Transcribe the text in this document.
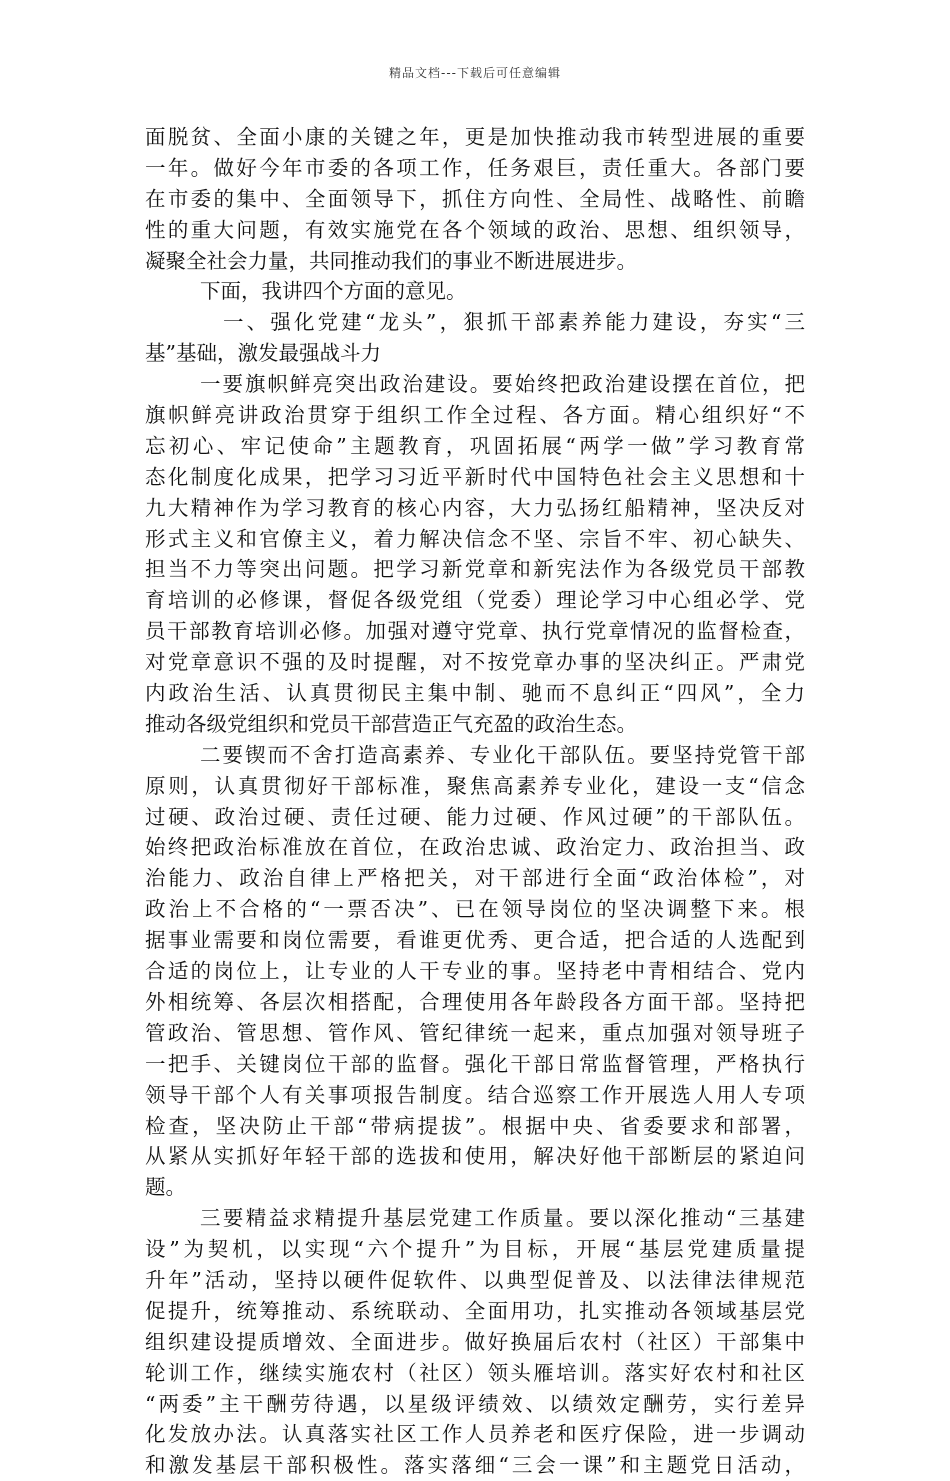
精品文档---下载后可任意编辑
面脱贫、全面小康的关键之年，更是加快推动我市转型进展的重要
一年。做好今年市委的各项工作，任务艰巨，责任重大。各部门要
在市委的集中、全面领导下，抓住方向性、全局性、战略性、前瞻
性的重大问题，有效实施党在各个领域的政治、思想、组织领导，
凝聚全社会力量，共同推动我们的事业不断进展进步。
下面，我讲四个方面的意见。
一、强化党建“龙头”，狠抓干部素养能力建设，夯实“三
基”基础，激发最强战斗力
一要旗帜鲜亮突出政治建设。要始终把政治建设摆在首位，把
旗帜鲜亮讲政治贯穿于组织工作全过程、各方面。精心组织好“不
忘初心、牢记使命”主题教育，巩固拓展“两学一做”学习教育常
态化制度化成果，把学习习近平新时代中国特色社会主义思想和十
九大精神作为学习教育的核心内容，大力弘扬红船精神，坚决反对
形式主义和官僚主义，着力解决信念不坚、宗旨不牢、初心缺失、
担当不力等突出问题。把学习新党章和新宪法作为各级党员干部教
育培训的必修课，督促各级党组（党委）理论学习中心组必学、党
员干部教育培训必修。加强对遵守党章、执行党章情况的监督检查，
对党章意识不强的及时提醒，对不按党章办事的坚决纠正。严肃党
内政治生活、认真贯彻民主集中制、驰而不息纠正“四风”，全力
推动各级党组织和党员干部营造正气充盈的政治生态。
二要锲而不舍打造高素养、专业化干部队伍。要坚持党管干部
原则，认真贯彻好干部标准，聚焦高素养专业化，建设一支“信念
过硬、政治过硬、责任过硬、能力过硬、作风过硬”的干部队伍。
始终把政治标准放在首位，在政治忠诚、政治定力、政治担当、政
治能力、政治自律上严格把关，对干部进行全面“政治体检”，对
政治上不合格的“一票否决”、已在领导岗位的坚决调整下来。根
据事业需要和岗位需要，看谁更优秀、更合适，把合适的人选配到
合适的岗位上，让专业的人干专业的事。坚持老中青相结合、党内
外相统筹、各层次相搭配，合理使用各年龄段各方面干部。坚持把
管政治、管思想、管作风、管纪律统一起来，重点加强对领导班子
一把手、关键岗位干部的监督。强化干部日常监督管理，严格执行
领导干部个人有关事项报告制度。结合巡察工作开展选人用人专项
检查，坚决防止干部“带病提拔”。根据中央、省委要求和部署，
从紧从实抓好年轻干部的选拔和使用，解决好他干部断层的紧迫问
题。
三要精益求精提升基层党建工作质量。要以深化推动“三基建
设”为契机，以实现“六个提升”为目标，开展“基层党建质量提
升年”活动，坚持以硬件促软件、以典型促普及、以法律法律规范
促提升，统筹推动、系统联动、全面用功，扎实推动各领域基层党
组织建设提质增效、全面进步。做好换届后农村（社区）干部集中
轮训工作，继续实施农村（社区）领头雁培训。落实好农村和社区
“两委”主干酬劳待遇，以星级评绩效、以绩效定酬劳，实行差异
化发放办法。认真落实社区工作人员养老和医疗保险，进一步调动
和激发基层干部积极性。落实落细“三会一课”和主题党日活动，
